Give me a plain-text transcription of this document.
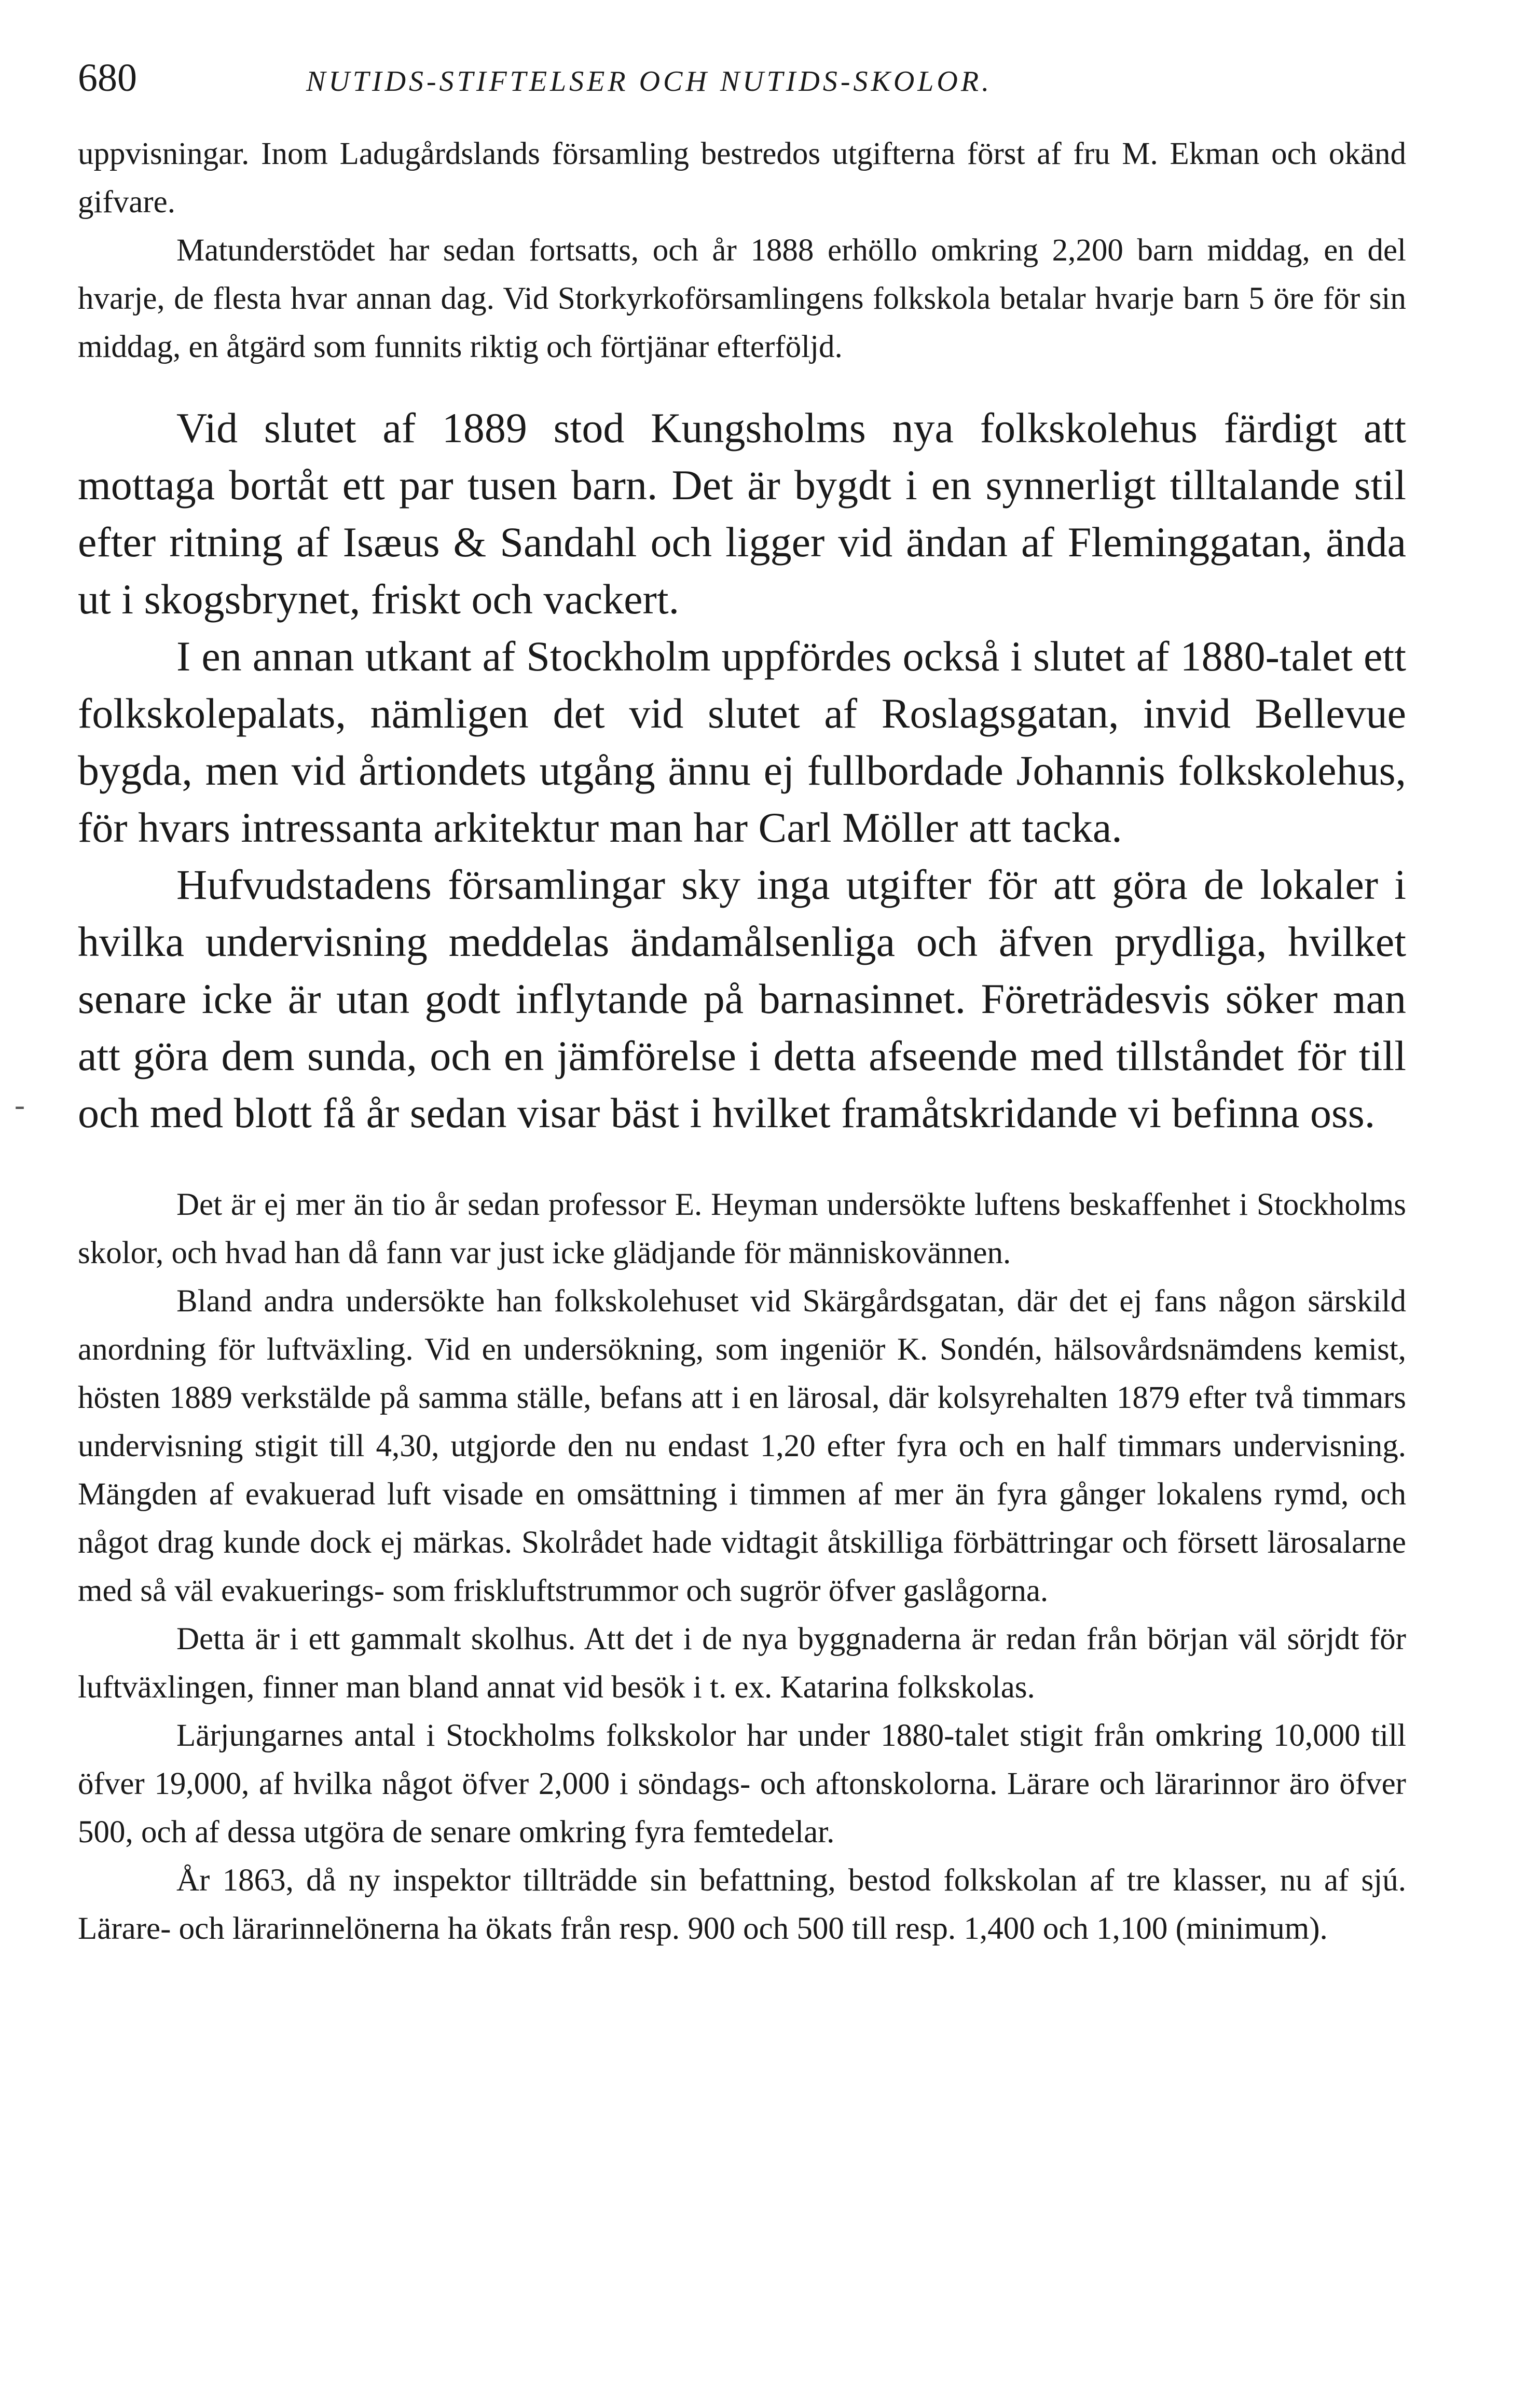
680	NUTIDS-STIFTELSER OCH NUTIDS-SKOLOR.
-

uppvisningar. Inom Ladugårdslands församling bestredos utgifterna först af fru M. Ekman och okänd gifvare.

Matunderstödet har sedan fortsatts, och år 1888 erhöllo omkring 2,200 barn middag, en del hvarje, de flesta hvar annan dag. Vid Storkyrkoförsamlingens folkskola betalar hvarje barn 5 öre för sin middag, en åtgärd som funnits riktig och förtjänar efterföljd.

Vid slutet af 1889 stod Kungsholms nya folkskolehus färdigt att mottaga bortåt ett par tusen barn. Det är bygdt i en synnerligt tilltalande stil efter ritning af Isæus & Sandahl och ligger vid ändan af Fleminggatan, ända ut i skogsbrynet, friskt och vackert.

I en annan utkant af Stockholm uppfördes också i slutet af 1880-talet ett folkskolepalats, nämligen det vid slutet af Roslagsgatan, invid Bellevue bygda, men vid årtiondets utgång ännu ej fullbordade Johannis folkskolehus, för hvars intressanta arkitektur man har Carl Möller att tacka.

Hufvudstadens församlingar sky inga utgifter för att göra de lokaler i hvilka undervisning meddelas ändamålsenliga och äfven prydliga, hvilket senare icke är utan godt inflytande på barnasinnet. Företrädesvis söker man att göra dem sunda, och en jämförelse i detta afseende med tillståndet för till och med blott få år sedan visar bäst i hvilket framåtskridande vi befinna oss.

Det är ej mer än tio år sedan professor E. Heyman undersökte luftens beskaffenhet i Stockholms skolor, och hvad han då fann var just icke glädjande för människovännen.

Bland andra undersökte han folkskolehuset vid Skärgårdsgatan, där det ej fans någon särskild anordning för luftväxling. Vid en undersökning, som ingeniör K. Sondén, hälsovårdsnämdens kemist, hösten 1889 verkstälde på samma ställe, befans att i en lärosal, där kolsyrehalten 1879 efter två timmars undervisning stigit till 4,30, utgjorde den nu endast 1,20 efter fyra och en half timmars undervisning. Mängden af evakuerad luft visade en omsättning i timmen af mer än fyra gånger lokalens rymd, och något drag kunde dock ej märkas. Skolrådet hade vidtagit åtskilliga förbättringar och försett lärosalarne med så väl evakuerings- som friskluftstrummor och sugrör öfver gaslågorna.

Detta är i ett gammalt skolhus. Att det i de nya byggnaderna är redan från början väl sörjdt för luftväxlingen, finner man bland annat vid besök i t. ex. Katarina folkskolas.

Lärjungarnes antal i Stockholms folkskolor har under 1880-talet stigit från omkring 10,000 till öfver 19,000, af hvilka något öfver 2,000 i söndags- och aftonskolorna. Lärare och lärarinnor äro öfver 500, och af dessa utgöra de senare omkring fyra femtedelar.

År 1863, då ny inspektor tillträdde sin befattning, bestod folkskolan af tre klasser, nu af sjú. Lärare- och lärarinnelönerna ha ökats från resp. 900 och 500 till resp. 1,400 och 1,100 (minimum).
